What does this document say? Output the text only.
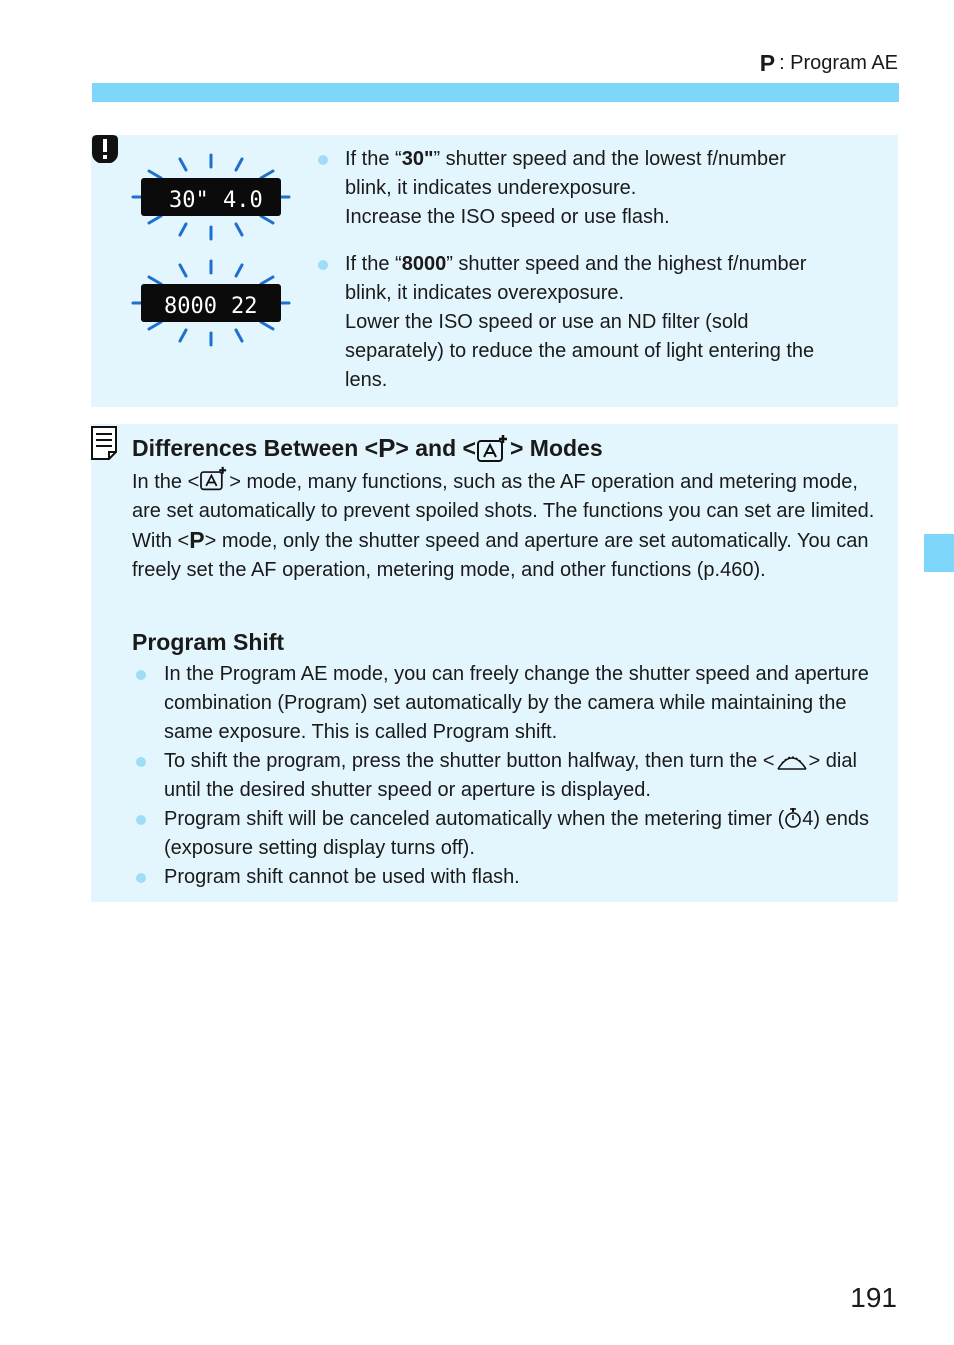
P : Program AE
30" 4.0
8000 22

If the “30"” shutter speed and the lowest f/number

blink, it indicates underexposure.

Increase the ISO speed or use flash.

If the “8000” shutter speed and the highest f/number

blink, it indicates overexposure.

Lower the ISO speed or use an ND filter (sold

separately) to reduce the amount of light entering the

lens.

Differences Between < P > and < > Modes
In the < > mode, many functions, such as the AF operation and metering mode, are set automatically to prevent spoiled shots. The functions you can set are limited. With <P> mode, only the shutter speed and aperture are set automatically. You can freely set the AF operation, metering mode, and other functions (p.460).
Program Shift

In the Program AE mode, you can freely change the shutter speed and aperture combination (Program) set automatically by the camera while maintaining the same exposure. This is called Program shift.

To shift the program, press the shutter button halfway, then turn the < > dial until the desired shutter speed or aperture is displayed.

Program shift will be canceled automatically when the metering timer ( 4) ends (exposure setting display turns off).

Program shift cannot be used with flash.

191
